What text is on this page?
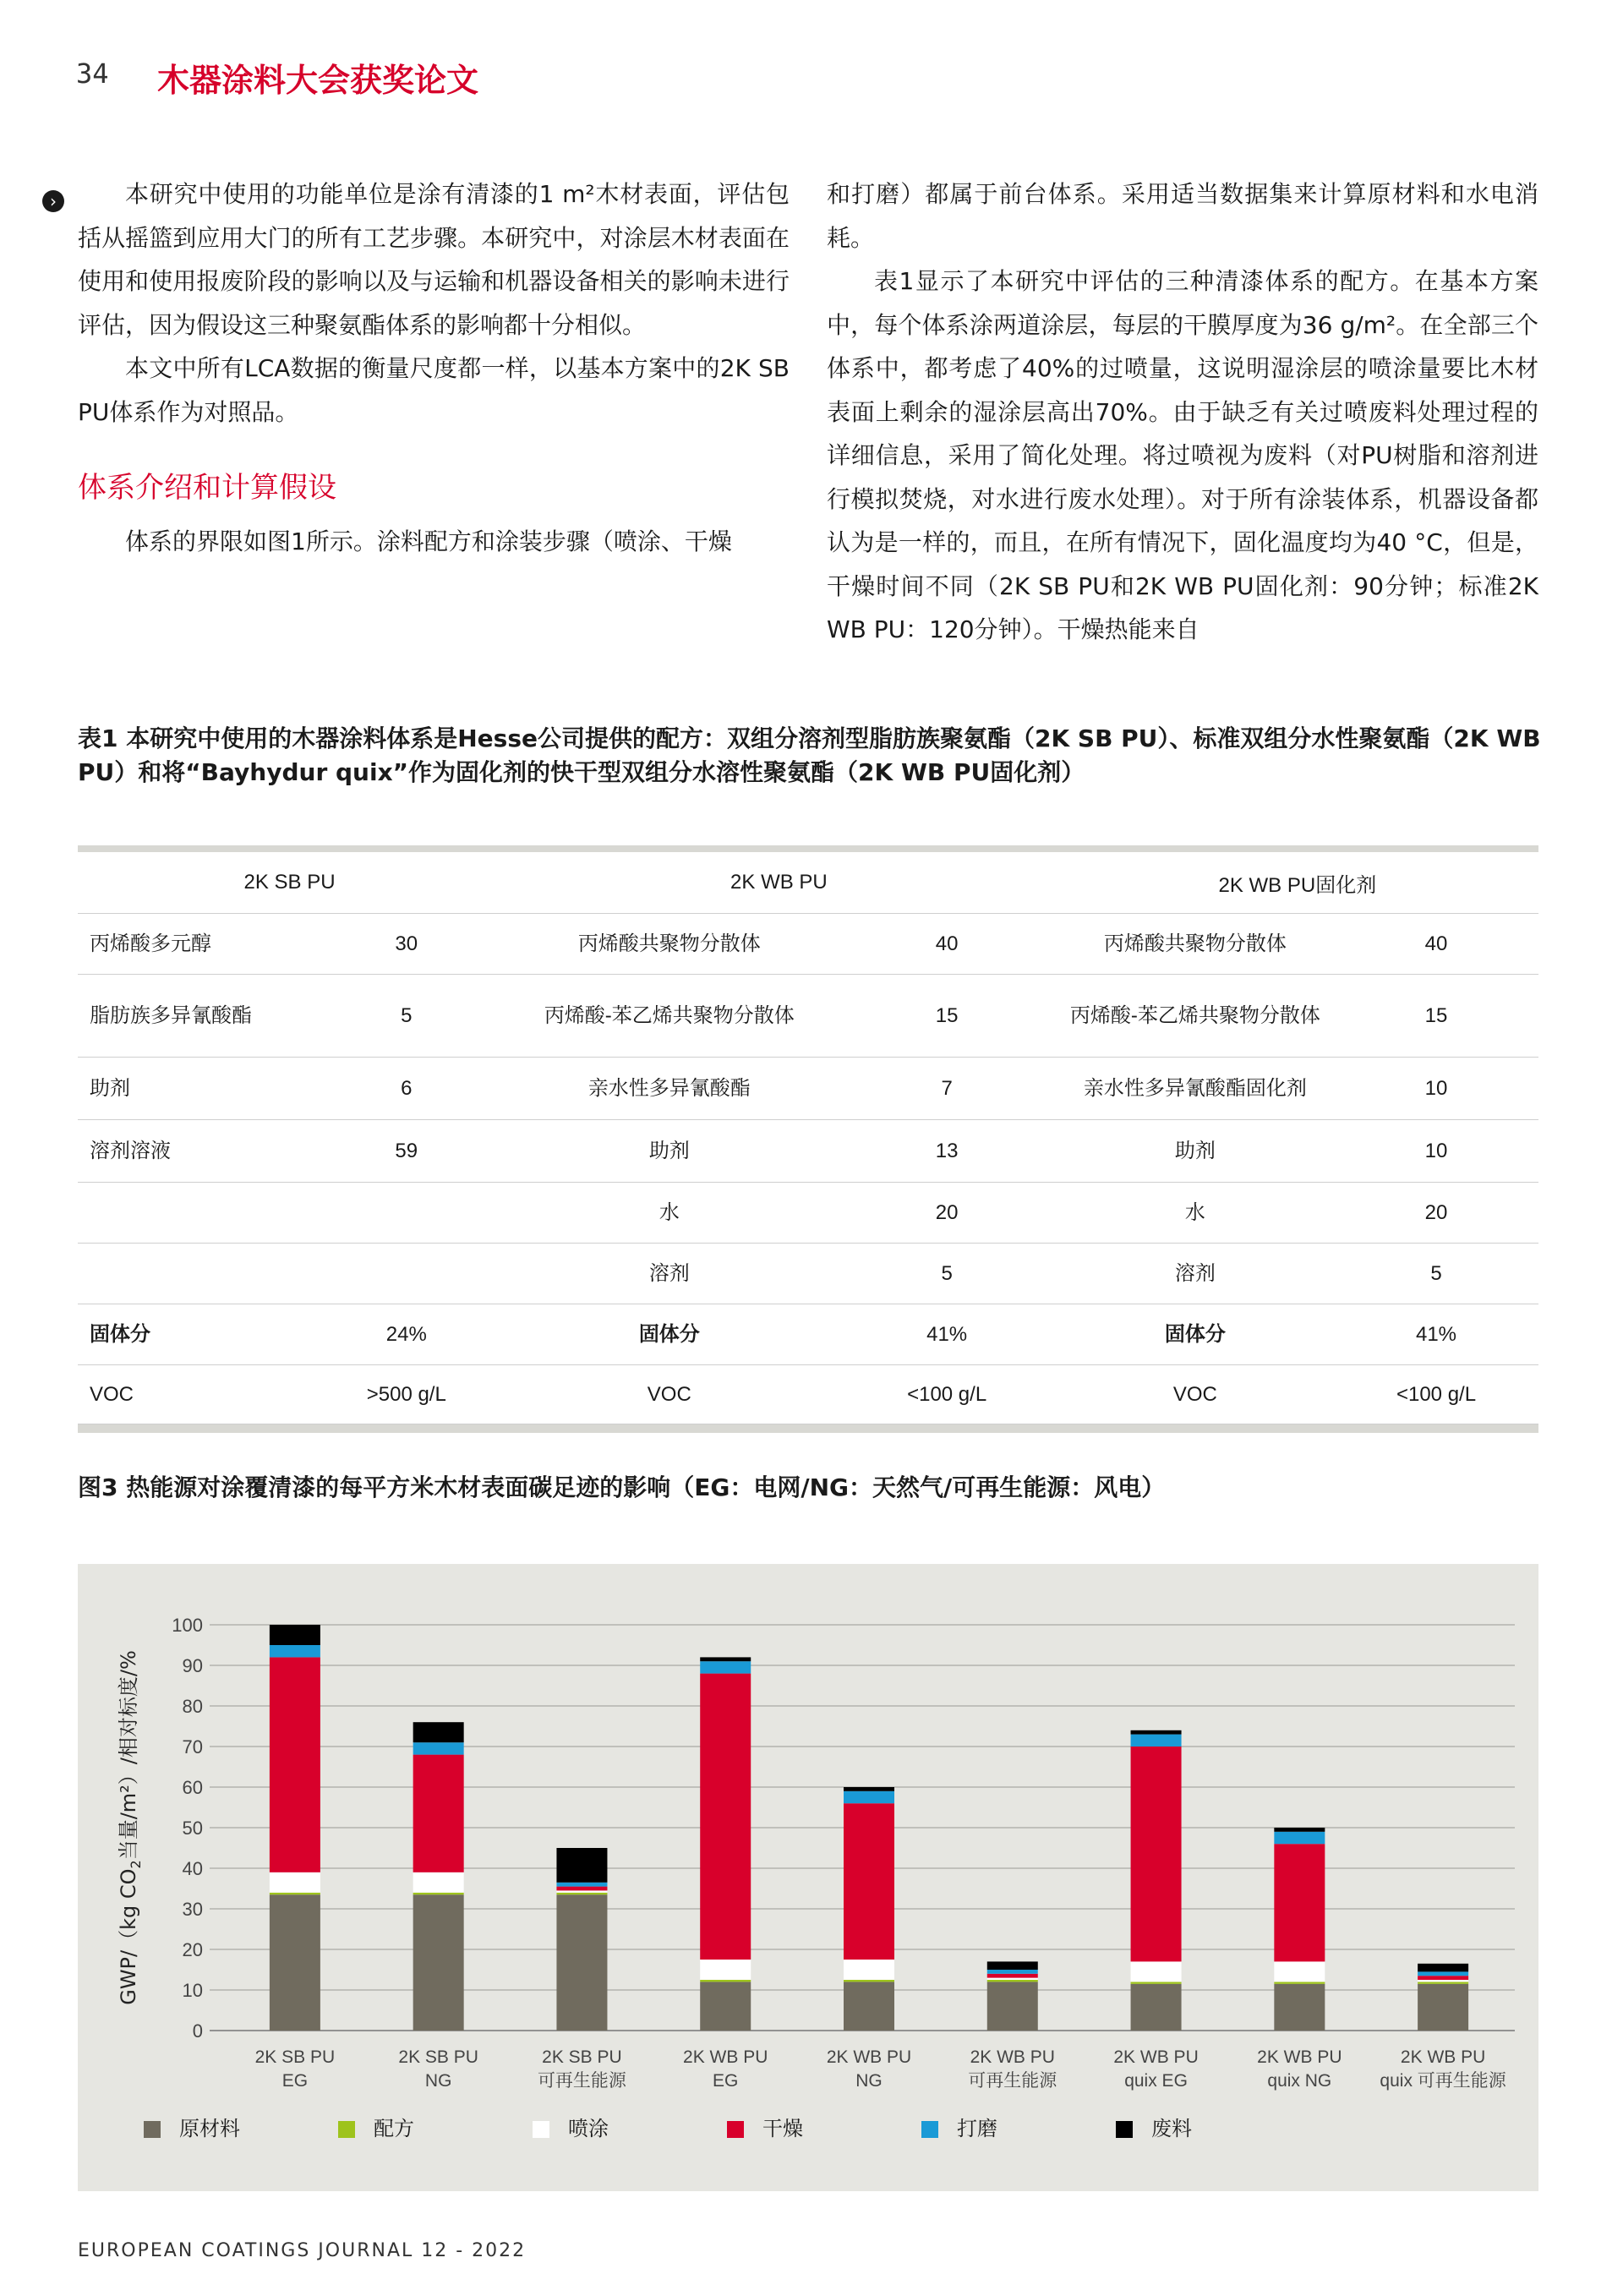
34 木器涂料大会获奖论文
›	本研究中使用的功能单位是涂有清漆的1 m²木材表面，评估包括从摇篮到应用大门的所有工艺步骤。本研究中，对涂层木材表面在使用和使用报废阶段的影响以及与运输和机器设备相关的影响未进行评估，因为假设这三种聚氨酯体系的影响都十分相似。

本文中所有LCA数据的衡量尺度都一样，以基本方案中的2K SB PU体系作为对照品。

体系介绍和计算假设

体系的界限如图1所示。涂料配方和涂装步骤（喷涂、干燥

和打磨）都属于前台体系。采用适当数据集来计算原材料和水电消耗。

表1显示了本研究中评估的三种清漆体系的配方。在基本方案中，每个体系涂两道涂层，每层的干膜厚度为36 g/m²。在全部三个体系中，都考虑了40%的过喷量，这说明湿涂层的喷涂量要比木材表面上剩余的湿涂层高出70%。由于缺乏有关过喷废料处理过程的详细信息，采用了简化处理。将过喷视为废料（对PU树脂和溶剂进行模拟焚烧，对水进行废水处理）。对于所有涂装体系，机器设备都认为是一样的，而且，在所有情况下，固化温度均为40 °C，但是，干燥时间不同（2K SB PU和2K WB PU固化剂：90分钟；标准2K WB PU：120分钟）。干燥热能来自

表1 本研究中使用的木器涂料体系是Hesse公司提供的配方：双组分溶剂型脂肪族聚氨酯（2K SB PU）、标准双组分水性聚氨酯（2K WB PU）和将“Bayhydur quix”作为固化剂的快干型双组分水溶性聚氨酯（2K WB PU固化剂）
2K SB PU		2K WB PU		2K WB PU固化剂	
丙烯酸多元醇	30	丙烯酸共聚物分散体	40	丙烯酸共聚物分散体	40
脂肪族多异氰酸酯	5	丙烯酸-苯乙烯共聚物分散体	15	丙烯酸-苯乙烯共聚物分散体	15
助剂	6	亲水性多异氰酸酯	7	亲水性多异氰酸酯固化剂	10
溶剂溶液	59	助剂	13	助剂	10
		水	20	水	20
		溶剂	5	溶剂	5
固体分	24%	固体分	41%	固体分	41%
VOC	>500 g/L	VOC	<100 g/L	VOC	<100 g/L
图3 热能源对涂覆清漆的每平方米木材表面碳足迹的影响（EG：电网/NG：天然气/可再生能源：风电）
0
10
20
30
40
50
60
70
80
90
100
GWP/（kg $CO_2$当量/m²）/相对标度/%
2K SB PU
EG
2K SB PU
NG
2K SB PU
可再生能源
2K WB PU
EG
2K WB PU
NG
2K WB PU
可再生能源
2K WB PU
quix EG
2K WB PU
quix NG
2K WB PU
quix 可再生能源
原材料	配方	喷涂	干燥	打磨	废料
EUROPEAN COATINGS JOURNAL 12 - 2022
